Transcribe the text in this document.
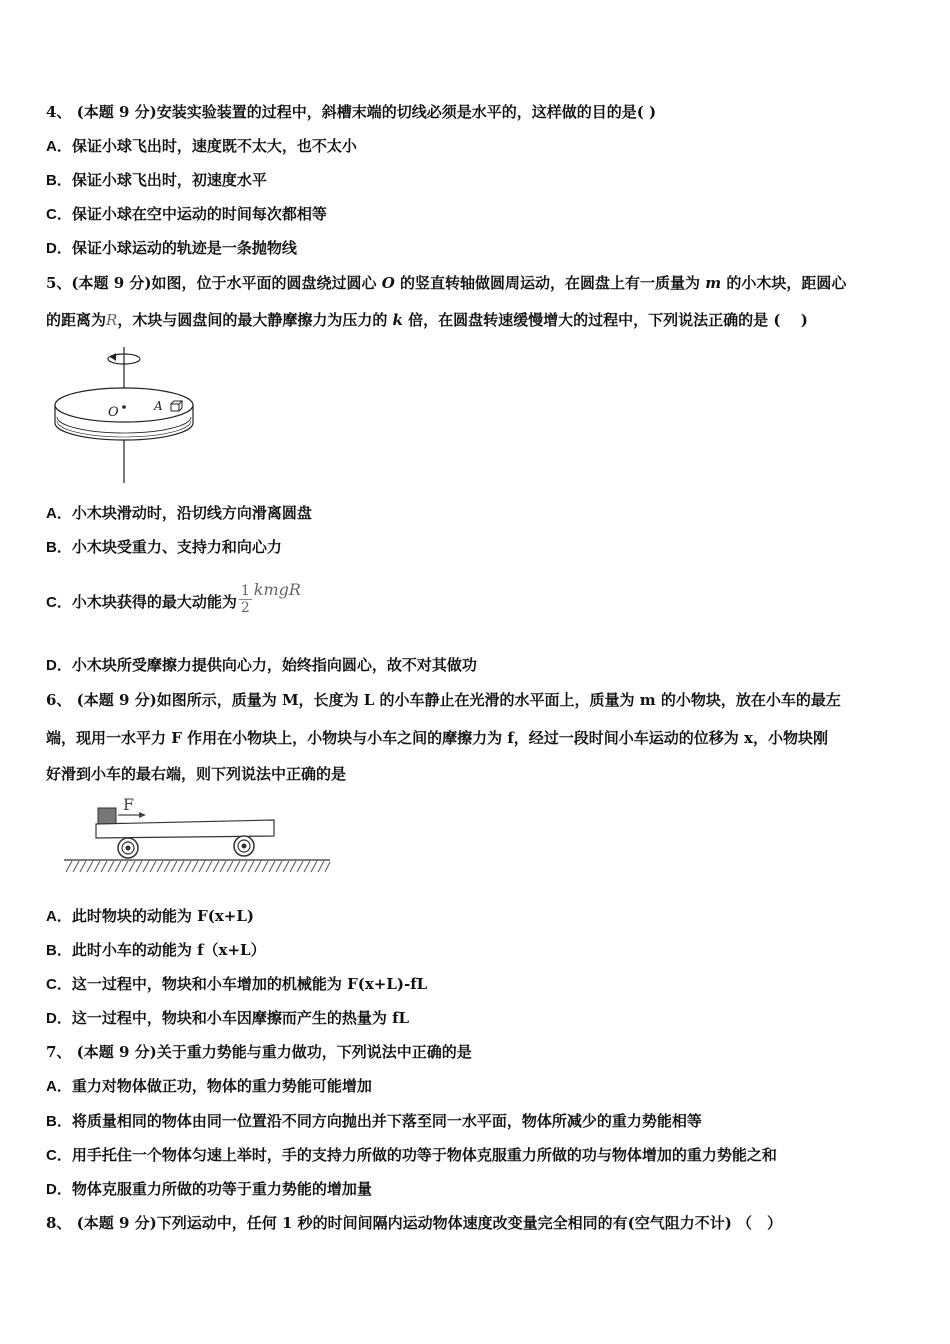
4、 (本题 9 分)安装实验装置的过程中，斜槽末端的切线必须是水平的，这样做的目的是( )
A．保证小球飞出时，速度既不太大，也不太小
B．保证小球飞出时，初速度水平
C．保证小球在空中运动的时间每次都相等
D．保证小球运动的轨迹是一条抛物线
5、(本题 9 分)如图，位于水平面的圆盘绕过圆心 O 的竖直转轴做圆周运动，在圆盘上有一质量为 m 的小木块，距圆心
的距离为R，木块与圆盘间的最大静摩擦力为压力的 k 倍，在圆盘转速缓慢增大的过程中，下列说法正确的是 (　 )
O	A
A．小木块滑动时，沿切线方向滑离圆盘
B．小木块受重力、支持力和向心力
C．小木块获得的最大动能为 $\frac{1}{2}$ kmgR
D．小木块所受摩擦力提供向心力，始终指向圆心，故不对其做功
6、 (本题 9 分)如图所示，质量为 M，长度为 L 的小车静止在光滑的水平面上，质量为 m 的小物块，放在小车的最左
端，现用一水平力 F 作用在小物块上，小物块与小车之间的摩擦力为 f，经过一段时间小车运动的位移为 x，小物块刚
好滑到小车的最右端，则下列说法中正确的是
F
A．此时物块的动能为 F(x+L)
B．此时小车的动能为 f（x+L）
C．这一过程中，物块和小车增加的机械能为 F(x+L)-fL
D．这一过程中，物块和小车因摩擦而产生的热量为 fL
7、 (本题 9 分)关于重力势能与重力做功，下列说法中正确的是
A．重力对物体做正功，物体的重力势能可能增加
B．将质量相同的物体由同一位置沿不同方向抛出并下落至同一水平面，物体所减少的重力势能相等
C．用手托住一个物体匀速上举时，手的支持力所做的功等于物体克服重力所做的功与物体增加的重力势能之和
D．物体克服重力所做的功等于重力势能的增加量
8、 (本题 9 分)下列运动中，任何 1 秒的时间间隔内运动物体速度改变量完全相同的有(空气阻力不计) （　）
